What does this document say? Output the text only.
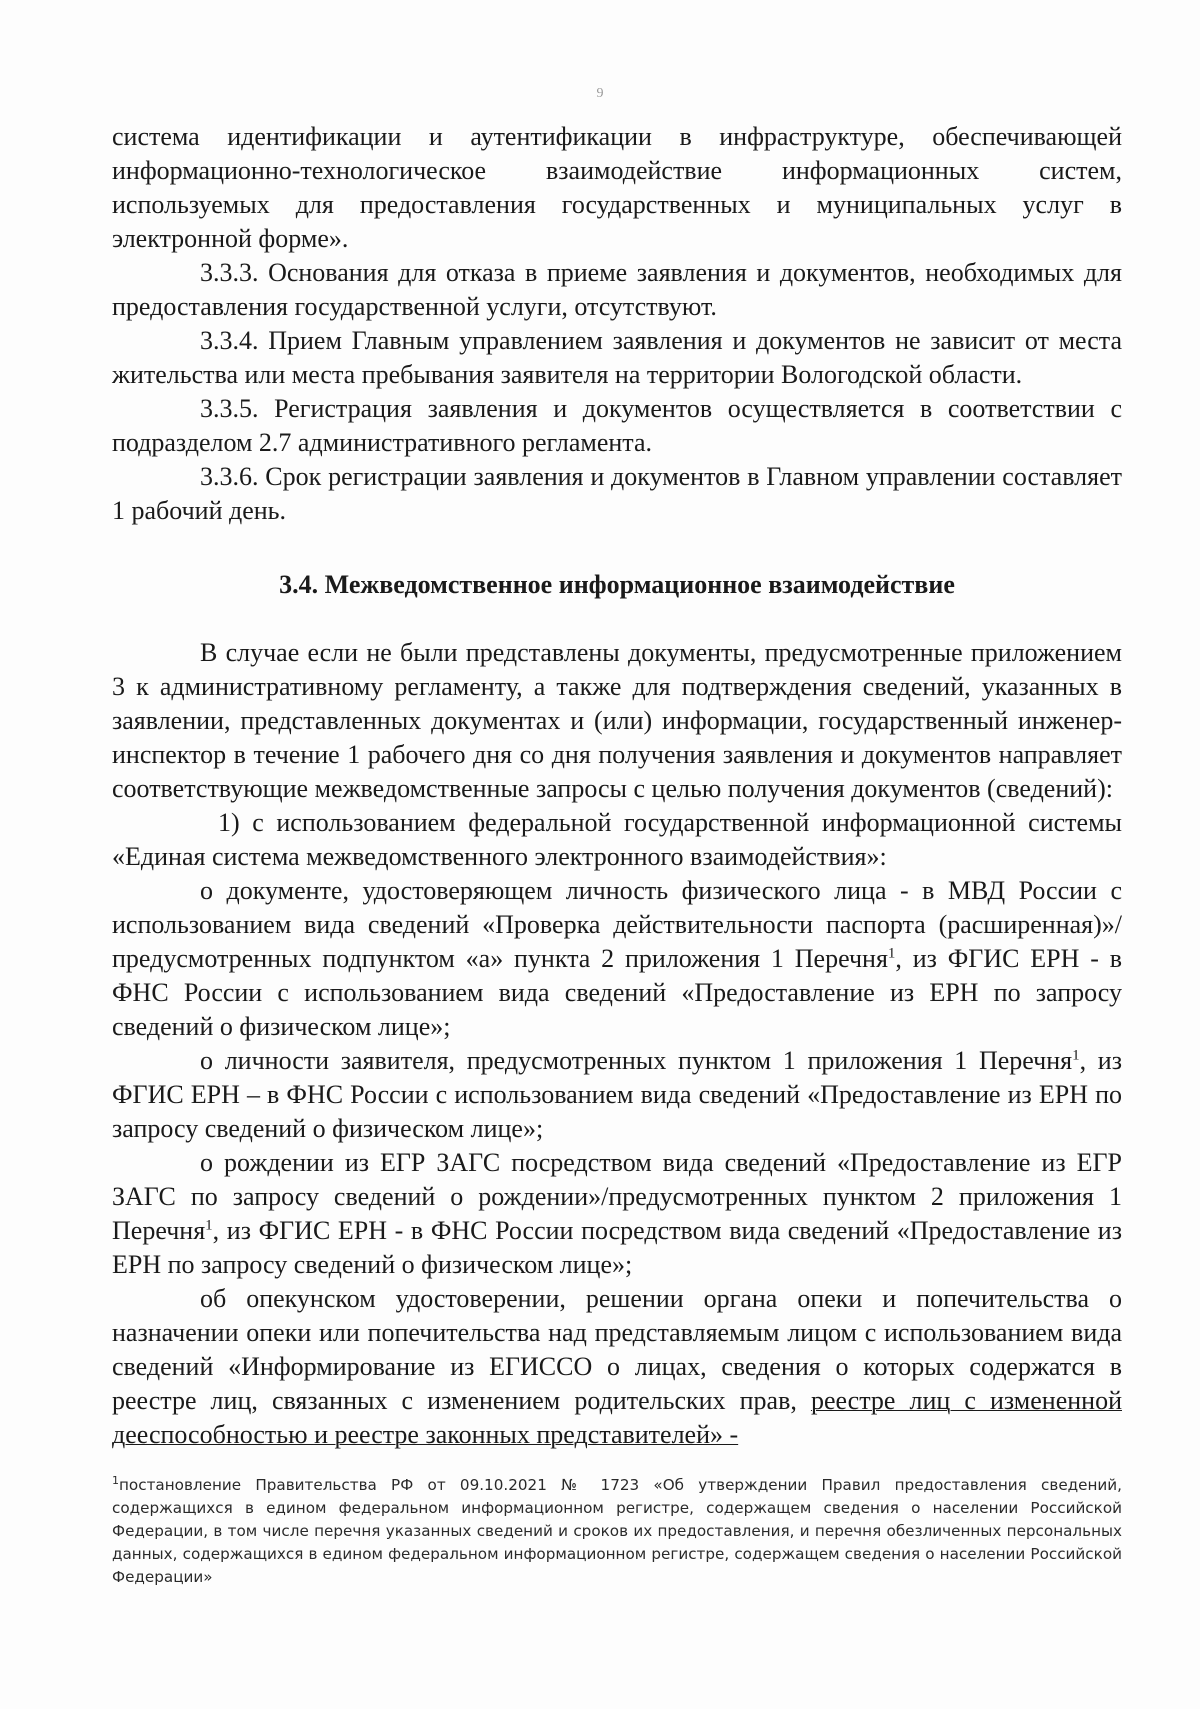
9

система идентификации и аутентификации в инфраструктуре, обеспечивающей информационно-технологическое взаимодействие информационных систем, используемых для предоставления государственных и муниципальных услуг в электронной форме».

3.3.3. Основания для отказа в приеме заявления и документов, необходимых для предоставления государственной услуги, отсутствуют.

3.3.4. Прием Главным управлением заявления и документов не зависит от места жительства или места пребывания заявителя на территории Вологодской области.

3.3.5. Регистрация заявления и документов осуществляется в соответствии с подразделом 2.7 административного регламента.

3.3.6. Срок регистрации заявления и документов в Главном управлении составляет 1 рабочий день.

3.4. Межведомственное информационное взаимодействие

В случае если не были представлены документы, предусмотренные приложением 3 к административному регламенту, а также для подтверждения сведений, указанных в заявлении, представленных документах и (или) информации, государственный инженер-инспектор в течение 1 рабочего дня со дня получения заявления и документов направляет соответствующие межведомственные запросы с целью получения документов (сведений):

1) с использованием федеральной государственной информационной системы «Единая система межведомственного электронного взаимодействия»:

о документе, удостоверяющем личность физического лица - в МВД России с использованием вида сведений «Проверка действительности паспорта (расширенная)»/предусмотренных подпунктом «а» пункта 2 приложения 1 Перечня$^1$, из ФГИС ЕРН - в ФНС России с использованием вида сведений «Предоставление из ЕРН по запросу сведений о физическом лице»;

о личности заявителя, предусмотренных пунктом 1 приложения 1 Перечня$^1$, из ФГИС ЕРН – в ФНС России с использованием вида сведений «Предоставление из ЕРН по запросу сведений о физическом лице»;

о рождении из ЕГР ЗАГС посредством вида сведений «Предоставление из ЕГР ЗАГС по запросу сведений о рождении»/предусмотренных пунктом 2 приложения 1 Перечня$^1$, из ФГИС ЕРН - в ФНС России посредством вида сведений «Предоставление из ЕРН по запросу сведений о физическом лице»;

об опекунском удостоверении, решении органа опеки и попечительства о назначении опеки или попечительства над представляемым лицом с использованием вида сведений «Информирование из ЕГИССО о лицах, сведения о которых содержатся в реестре лиц, связанных с изменением родительских прав, реестре лиц с измененной дееспособностью и реестре законных представителей» -

$^1$постановление Правительства РФ от 09.10.2021 № 1723 «Об утверждении Правил предоставления сведений, содержащихся в едином федеральном информационном регистре, содержащем сведения о населении Российской Федерации, в том числе перечня указанных сведений и сроков их предоставления, и перечня обезличенных персональных данных, содержащихся в едином федеральном информационном регистре, содержащем сведения о населении Российской Федерации»
